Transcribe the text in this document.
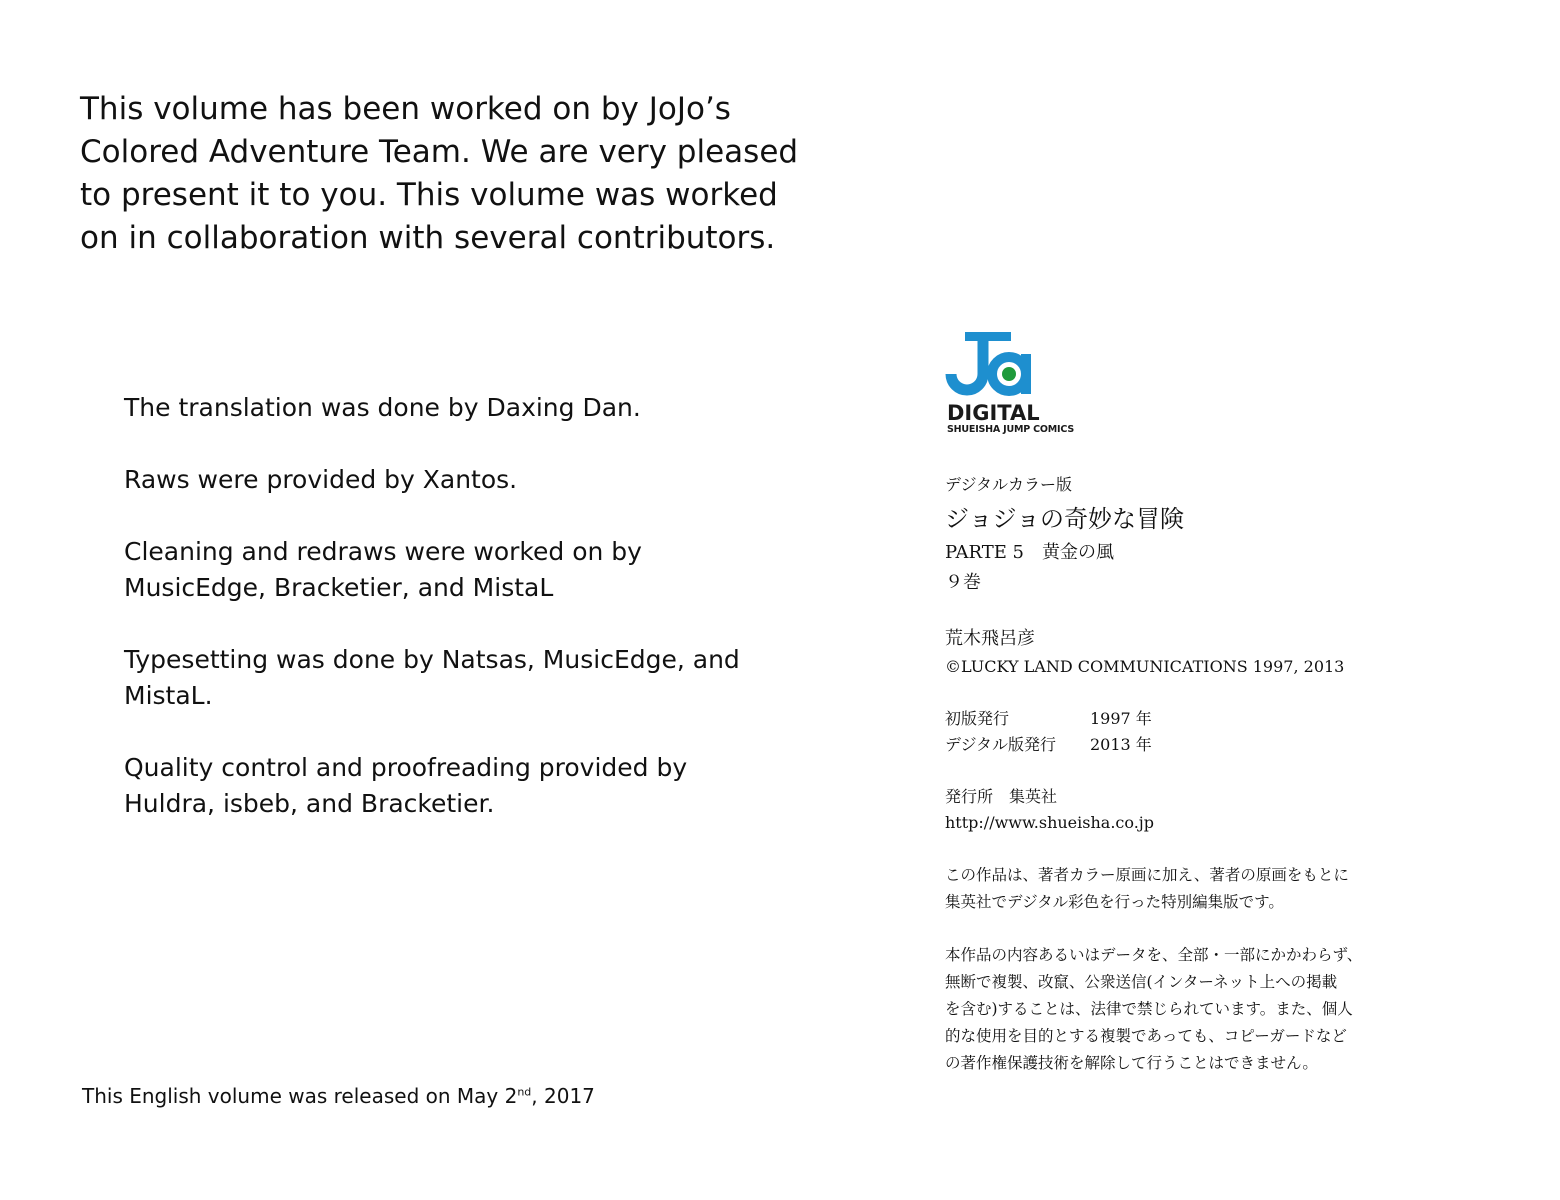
This volume has been worked on by JoJo’s
Colored Adventure Team. We are very pleased
to present it to you. This volume was worked
on in collaboration with several contributors.
The translation was done by Daxing Dan.
Raws were provided by Xantos.
Cleaning and redraws were worked on by
MusicEdge, Bracketier, and MistaL
Typesetting was done by Natsas, MusicEdge, and
MistaL.
Quality control and proofreading provided by
Huldra, isbeb, and Bracketier.
This English volume was released on May 2nd, 2017
DIGITAL
SHUEISHA JUMP COMICS
デジタルカラー版
ジョジョの奇妙な冒険
PARTE 5　黄金の風
９巻
荒木飛呂彦
©LUCKY LAND COMMUNICATIONS 1997, 2013
初版発行	1997 年
デジタル版発行	2013 年
発行所　集英社
http://www.shueisha.co.jp
この作品は、著者カラー原画に加え、著者の原画をもとに
集英社でデジタル彩色を行った特別編集版です。
本作品の内容あるいはデータを、全部・一部にかかわらず、
無断で複製、改竄、公衆送信(インターネット上への掲載
を含む)することは、法律で禁じられています。また、個人
的な使用を目的とする複製であっても、コピーガードなど
の著作権保護技術を解除して行うことはできません。
